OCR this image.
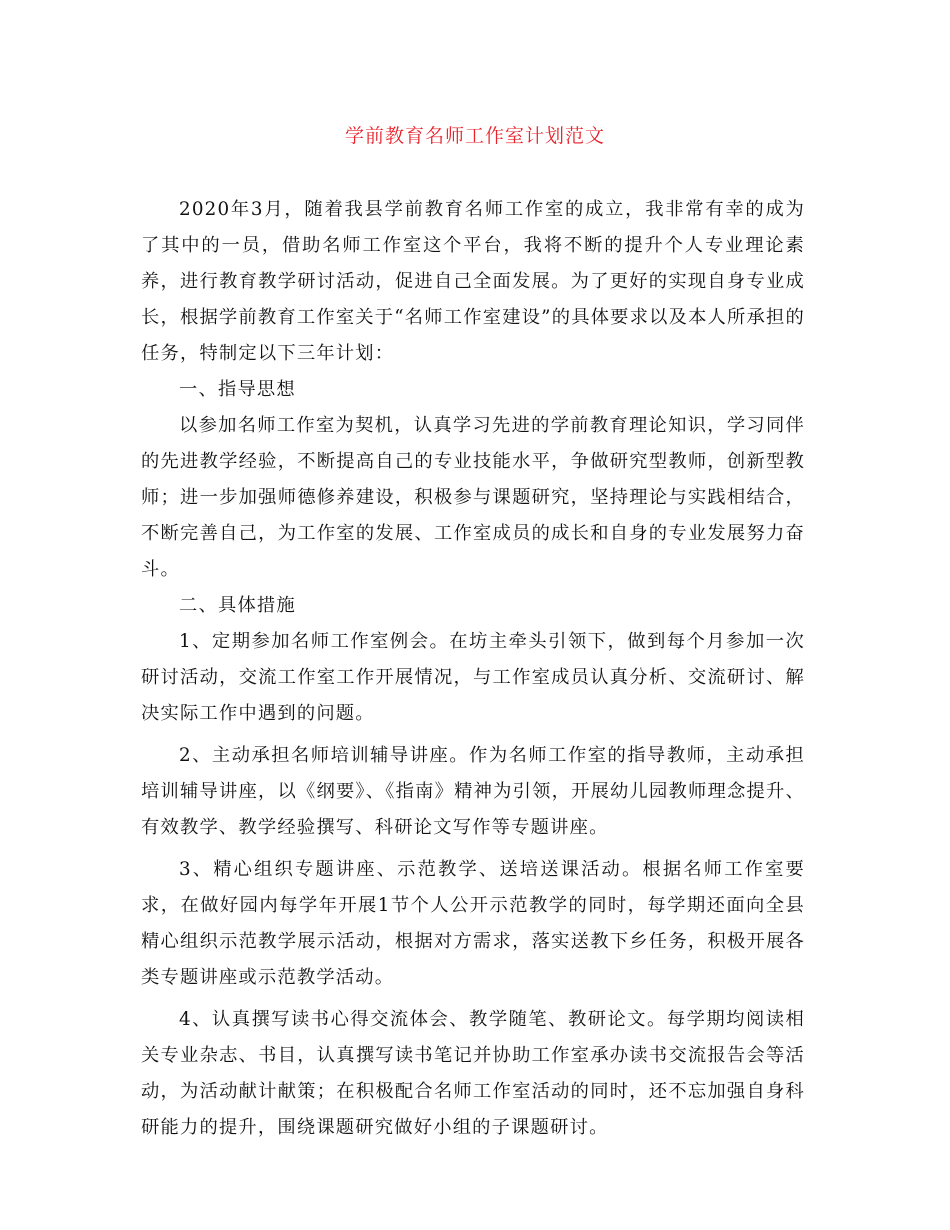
学前教育名师工作室计划范文

2020年3月，随着我县学前教育名师工作室的成立，我非常有幸的成为了其中的一员，借助名师工作室这个平台，我将不断的提升个人专业理论素养，进行教育教学研讨活动，促进自己全面发展。为了更好的实现自身专业成长，根据学前教育工作室关于“名师工作室建设”的具体要求以及本人所承担的任务，特制定以下三年计划：

一、指导思想

以参加名师工作室为契机，认真学习先进的学前教育理论知识，学习同伴的先进教学经验，不断提高自己的专业技能水平，争做研究型教师，创新型教师；进一步加强师德修养建设，积极参与课题研究，坚持理论与实践相结合，不断完善自己，为工作室的发展、工作室成员的成长和自身的专业发展努力奋斗。

二、具体措施

1、定期参加名师工作室例会。在坊主牵头引领下，做到每个月参加一次研讨活动，交流工作室工作开展情况，与工作室成员认真分析、交流研讨、解决实际工作中遇到的问题。

2、主动承担名师培训辅导讲座。作为名师工作室的指导教师，主动承担培训辅导讲座，以《纲要》、《指南》精神为引领，开展幼儿园教师理念提升、有效教学、教学经验撰写、科研论文写作等专题讲座。

3、精心组织专题讲座、示范教学、送培送课活动。根据名师工作室要求，在做好园内每学年开展1节个人公开示范教学的同时，每学期还面向全县精心组织示范教学展示活动，根据对方需求，落实送教下乡任务，积极开展各类专题讲座或示范教学活动。

4、认真撰写读书心得交流体会、教学随笔、教研论文。每学期均阅读相关专业杂志、书目，认真撰写读书笔记并协助工作室承办读书交流报告会等活动，为活动献计献策；在积极配合名师工作室活动的同时，还不忘加强自身科研能力的提升，围绕课题研究做好小组的子课题研讨。
